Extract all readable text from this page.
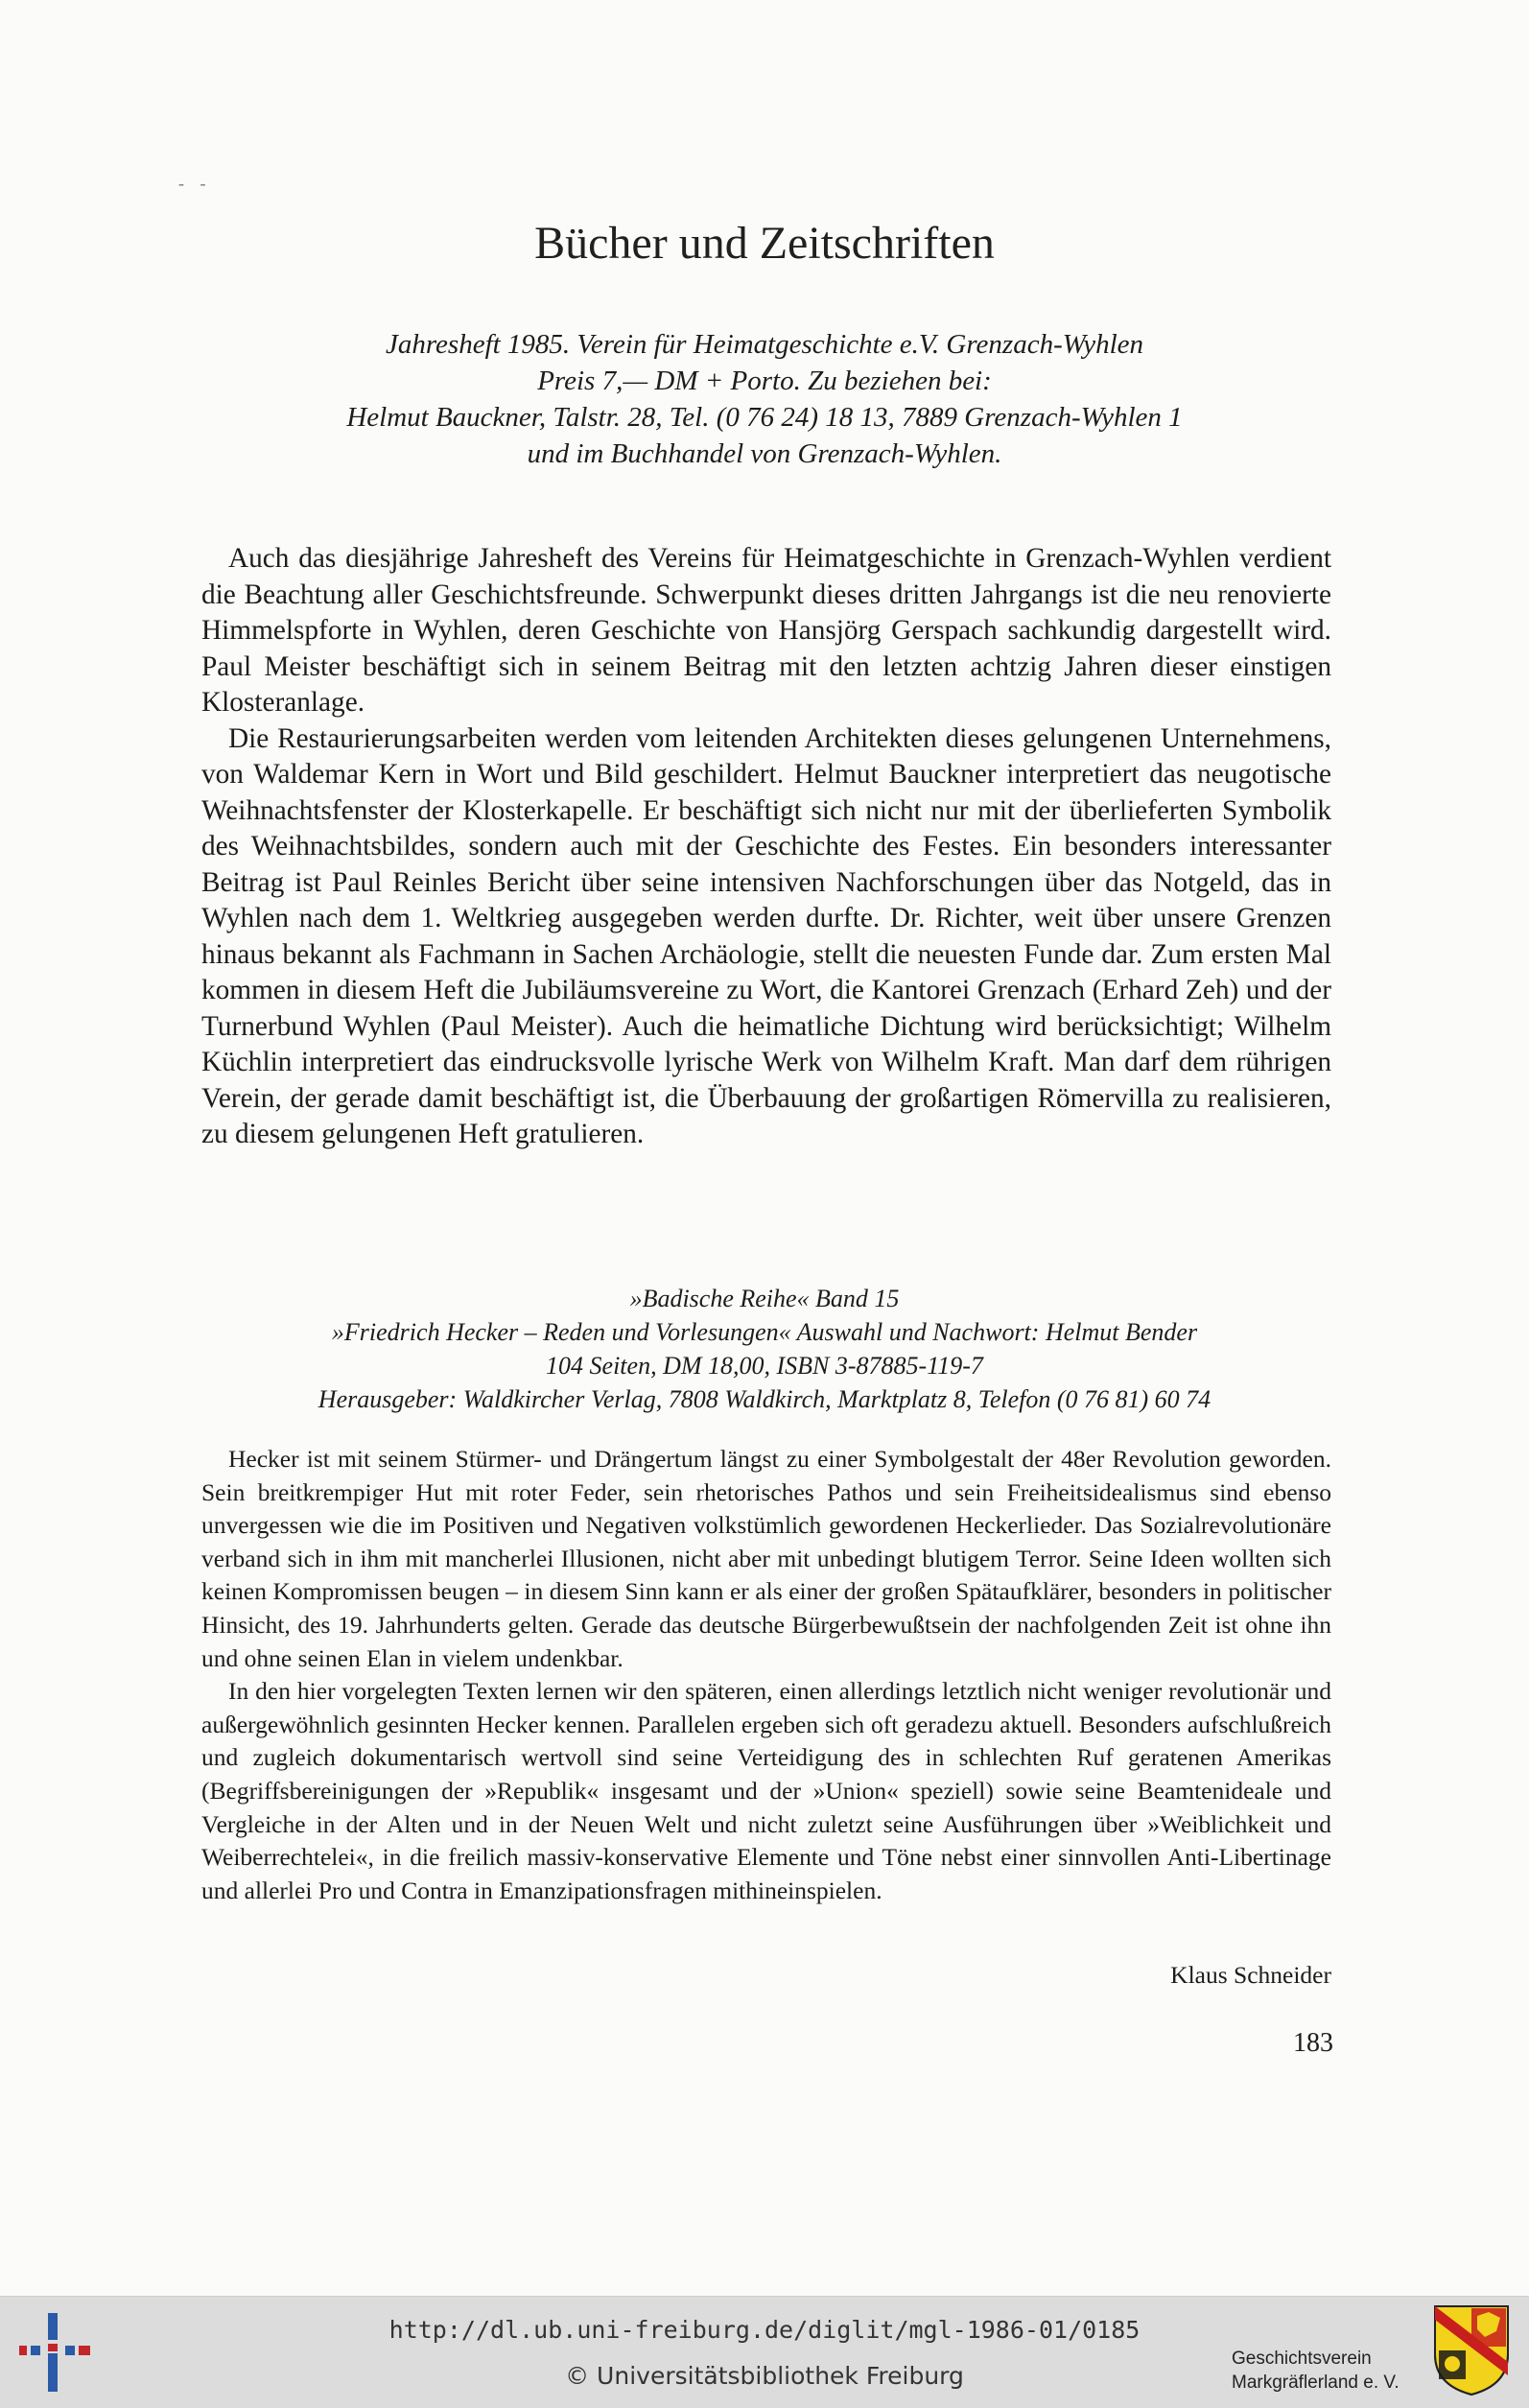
- -
Bücher und Zeitschriften
Jahresheft 1985. Verein für Heimatgeschichte e.V. Grenzach-Wyhlen
Preis 7,— DM + Porto. Zu beziehen bei:
Helmut Bauckner, Talstr. 28, Tel. (0 76 24) 18 13, 7889 Grenzach-Wyhlen 1
und im Buchhandel von Grenzach-Wyhlen.

Auch das diesjährige Jahresheft des Vereins für Heimatgeschichte in Grenzach-Wyhlen verdient die Beachtung aller Geschichtsfreunde. Schwerpunkt dieses dritten Jahrgangs ist die neu renovierte Himmelspforte in Wyhlen, deren Geschichte von Hansjörg Gerspach sachkundig dargestellt wird. Paul Meister beschäftigt sich in seinem Beitrag mit den letzten achtzig Jahren dieser einstigen Klosteranlage.

Die Restaurierungsarbeiten werden vom leitenden Architekten dieses gelungenen Unternehmens, von Waldemar Kern in Wort und Bild geschildert. Helmut Bauckner interpretiert das neugotische Weihnachtsfenster der Klosterkapelle. Er beschäftigt sich nicht nur mit der überlieferten Symbolik des Weihnachtsbildes, sondern auch mit der Geschichte des Festes. Ein besonders interessanter Beitrag ist Paul Reinles Bericht über seine intensiven Nachforschungen über das Notgeld, das in Wyhlen nach dem 1. Weltkrieg ausgegeben werden durfte. Dr. Richter, weit über unsere Grenzen hinaus bekannt als Fachmann in Sachen Archäologie, stellt die neuesten Funde dar. Zum ersten Mal kommen in diesem Heft die Jubiläumsvereine zu Wort, die Kantorei Grenzach (Erhard Zeh) und der Turnerbund Wyhlen (Paul Meister). Auch die heimatliche Dichtung wird berücksichtigt; Wilhelm Küchlin interpretiert das eindrucksvolle lyrische Werk von Wilhelm Kraft. Man darf dem rührigen Verein, der gerade damit beschäftigt ist, die Überbauung der großartigen Römervilla zu realisieren, zu diesem gelungenen Heft gratulieren.

»Badische Reihe« Band 15
»Friedrich Hecker – Reden und Vorlesungen« Auswahl und Nachwort: Helmut Bender
104 Seiten, DM 18,00, ISBN 3-87885-119-7
Herausgeber: Waldkircher Verlag, 7808 Waldkirch, Marktplatz 8, Telefon (0 76 81) 60 74

Hecker ist mit seinem Stürmer- und Drängertum längst zu einer Symbolgestalt der 48er Revolution geworden. Sein breitkrempiger Hut mit roter Feder, sein rhetorisches Pathos und sein Freiheitsidealismus sind ebenso unvergessen wie die im Positiven und Negativen volkstümlich gewordenen Heckerlieder. Das Sozialrevolutionäre verband sich in ihm mit mancherlei Illusionen, nicht aber mit unbedingt blutigem Terror. Seine Ideen wollten sich keinen Kompromissen beugen – in diesem Sinn kann er als einer der großen Spätaufklärer, besonders in politischer Hinsicht, des 19. Jahrhunderts gelten. Gerade das deutsche Bürgerbewußtsein der nachfolgenden Zeit ist ohne ihn und ohne seinen Elan in vielem undenkbar.

In den hier vorgelegten Texten lernen wir den späteren, einen allerdings letztlich nicht weniger revolutionär und außergewöhnlich gesinnten Hecker kennen. Parallelen ergeben sich oft geradezu aktuell. Besonders aufschlußreich und zugleich dokumentarisch wertvoll sind seine Verteidigung des in schlechten Ruf geratenen Amerikas (Begriffsbereinigungen der »Republik« insgesamt und der »Union« speziell) sowie seine Beamtenideale und Vergleiche in der Alten und in der Neuen Welt und nicht zuletzt seine Ausführungen über »Weiblichkeit und Weiberrechtelei«, in die freilich massiv-konservative Elemente und Töne nebst einer sinnvollen Anti-Libertinage und allerlei Pro und Contra in Emanzipationsfragen mithineinspielen.

Klaus Schneider
183
http://dl.ub.uni-freiburg.de/diglit/mgl-1986-01/0185
© Universitätsbibliothek Freiburg
Geschichtsverein
Markgräflerland e. V.
